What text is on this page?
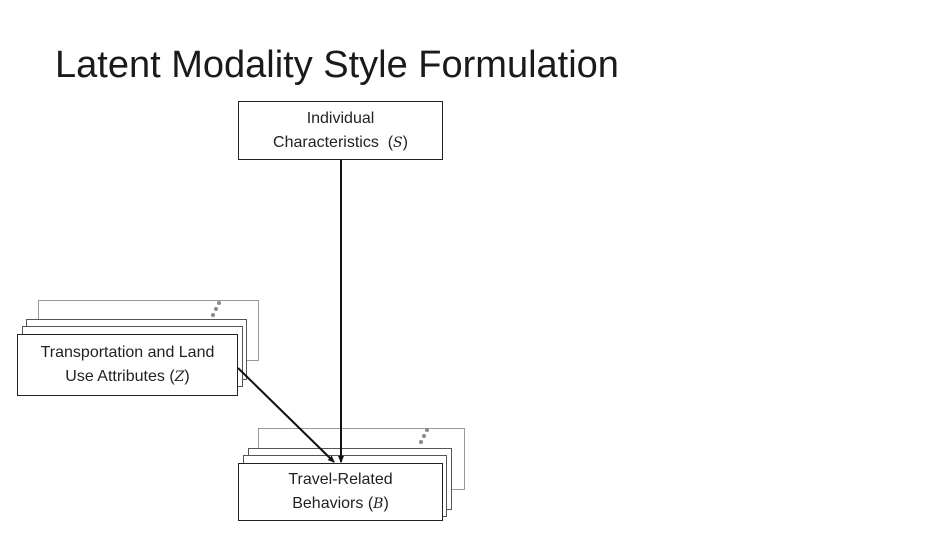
Latent Modality Style Formulation
Individual
Characteristics  (S)
Transportation and Land
Use Attributes (Z)
Travel-Related
Behaviors (B)
